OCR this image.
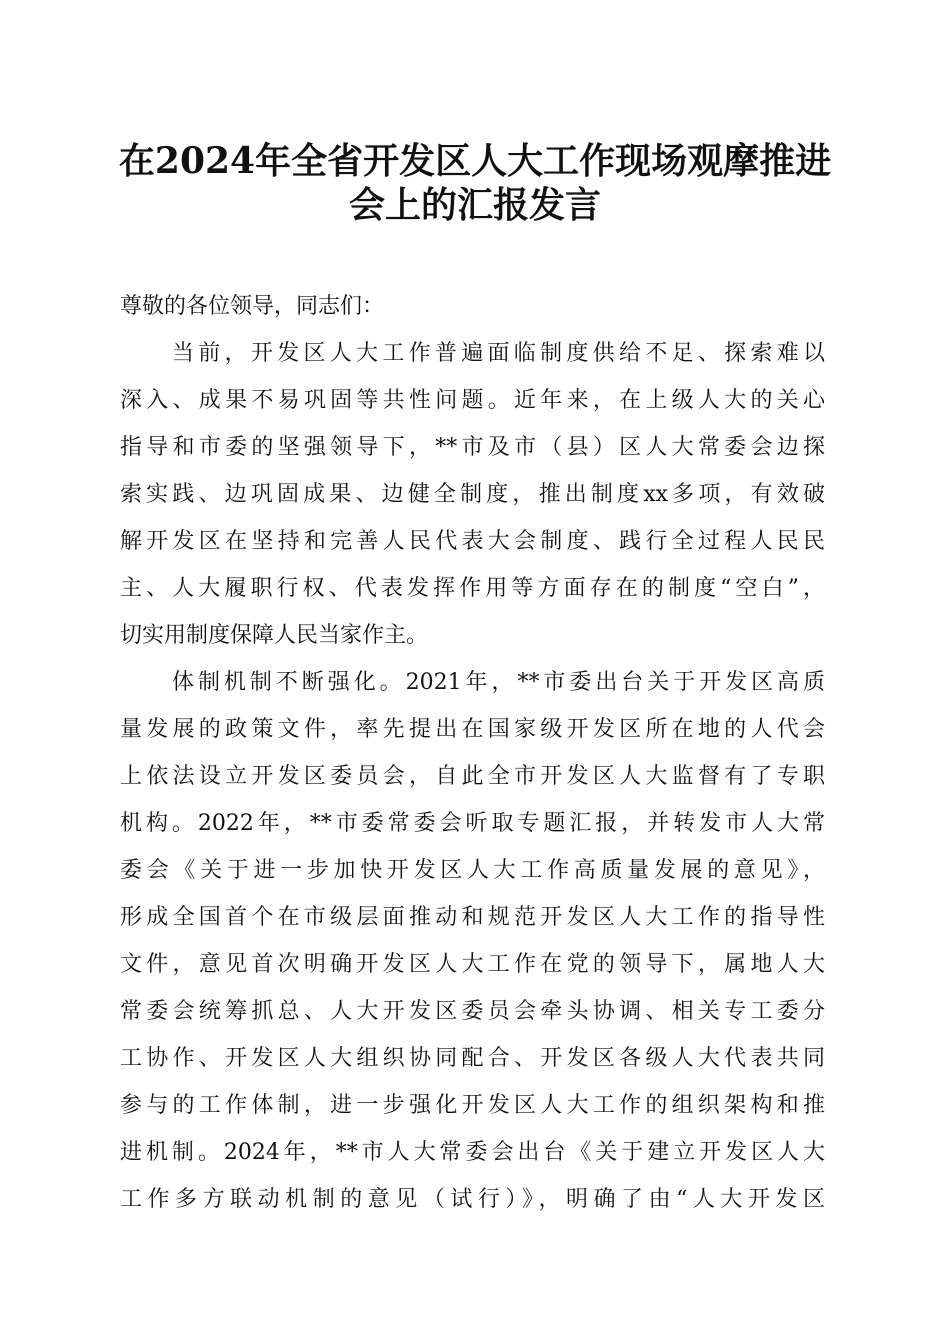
在2024年全省开发区人大工作现场观摩推进
会上的汇报发言
尊敬的各位领导，同志们：
当前，开发区人大工作普遍面临制度供给不足、探索难以
深入、成果不易巩固等共性问题。近年来，在上级人大的关心
指导和市委的坚强领导下，**市及市（县）区人大常委会边探
索实践、边巩固成果、边健全制度，推出制度xx多项，有效破
解开发区在坚持和完善人民代表大会制度、践行全过程人民民
主、人大履职行权、代表发挥作用等方面存在的制度“空白”，
切实用制度保障人民当家作主。
体制机制不断强化。2021年，**市委出台关于开发区高质
量发展的政策文件，率先提出在国家级开发区所在地的人代会
上依法设立开发区委员会，自此全市开发区人大监督有了专职
机构。2022年，**市委常委会听取专题汇报，并转发市人大常
委会《关于进一步加快开发区人大工作高质量发展的意见》，
形成全国首个在市级层面推动和规范开发区人大工作的指导性
文件，意见首次明确开发区人大工作在党的领导下，属地人大
常委会统筹抓总、人大开发区委员会牵头协调、相关专工委分
工协作、开发区人大组织协同配合、开发区各级人大代表共同
参与的工作体制，进一步强化开发区人大工作的组织架构和推
进机制。2024年，**市人大常委会出台《关于建立开发区人大
工作多方联动机制的意见（试行）》，明确了由“人大开发区
